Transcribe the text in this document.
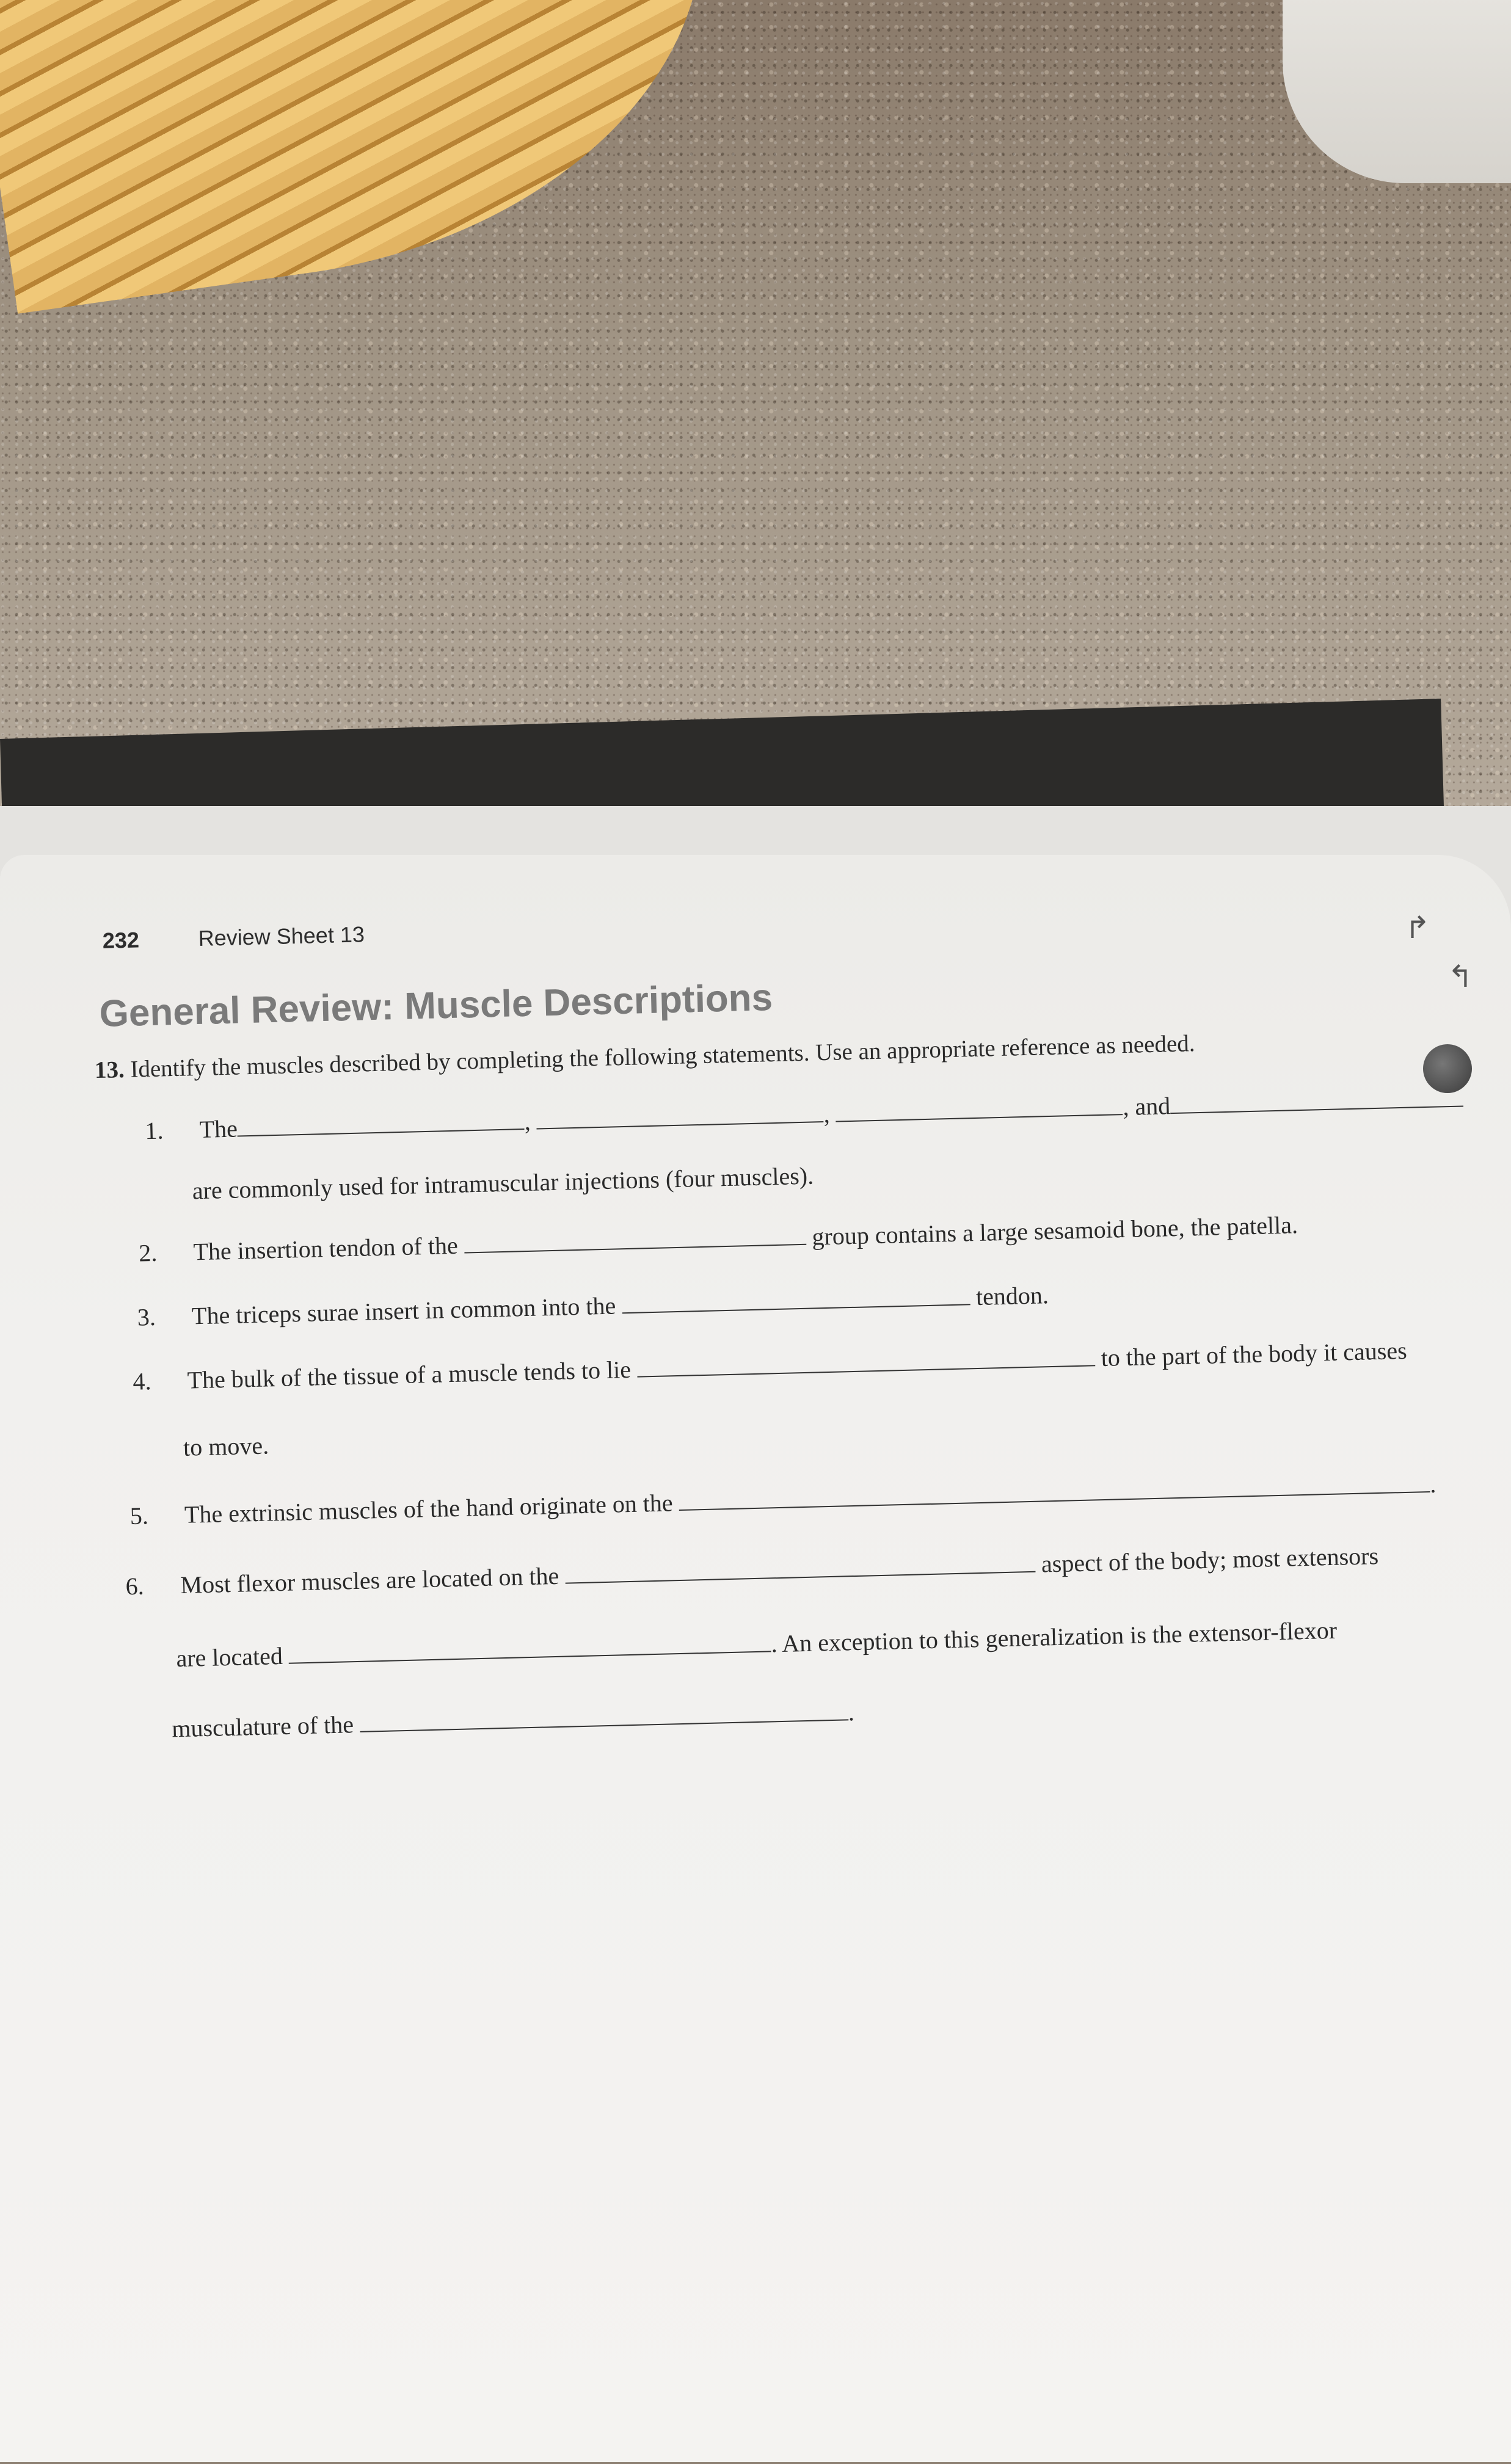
↱
↰
232	Review Sheet 13
General Review: Muscle Descriptions
13. Identify the muscles described by completing the following statements. Use an appropriate reference as needed.
1. The	,	,	, and
are commonly used for intramuscular injections (four muscles).
2. The insertion tendon of the	group contains a large sesamoid bone, the patella.
3. The triceps surae insert in common into the	tendon.
4. The bulk of the tissue of a muscle tends to lie  to the part of the body it causes
to move.
5. The extrinsic muscles of the hand originate on the .
6. Most flexor muscles are located on the  aspect of the body; most extensors
are located	. An exception to this generalization is the extensor-flexor
musculature of the	.
